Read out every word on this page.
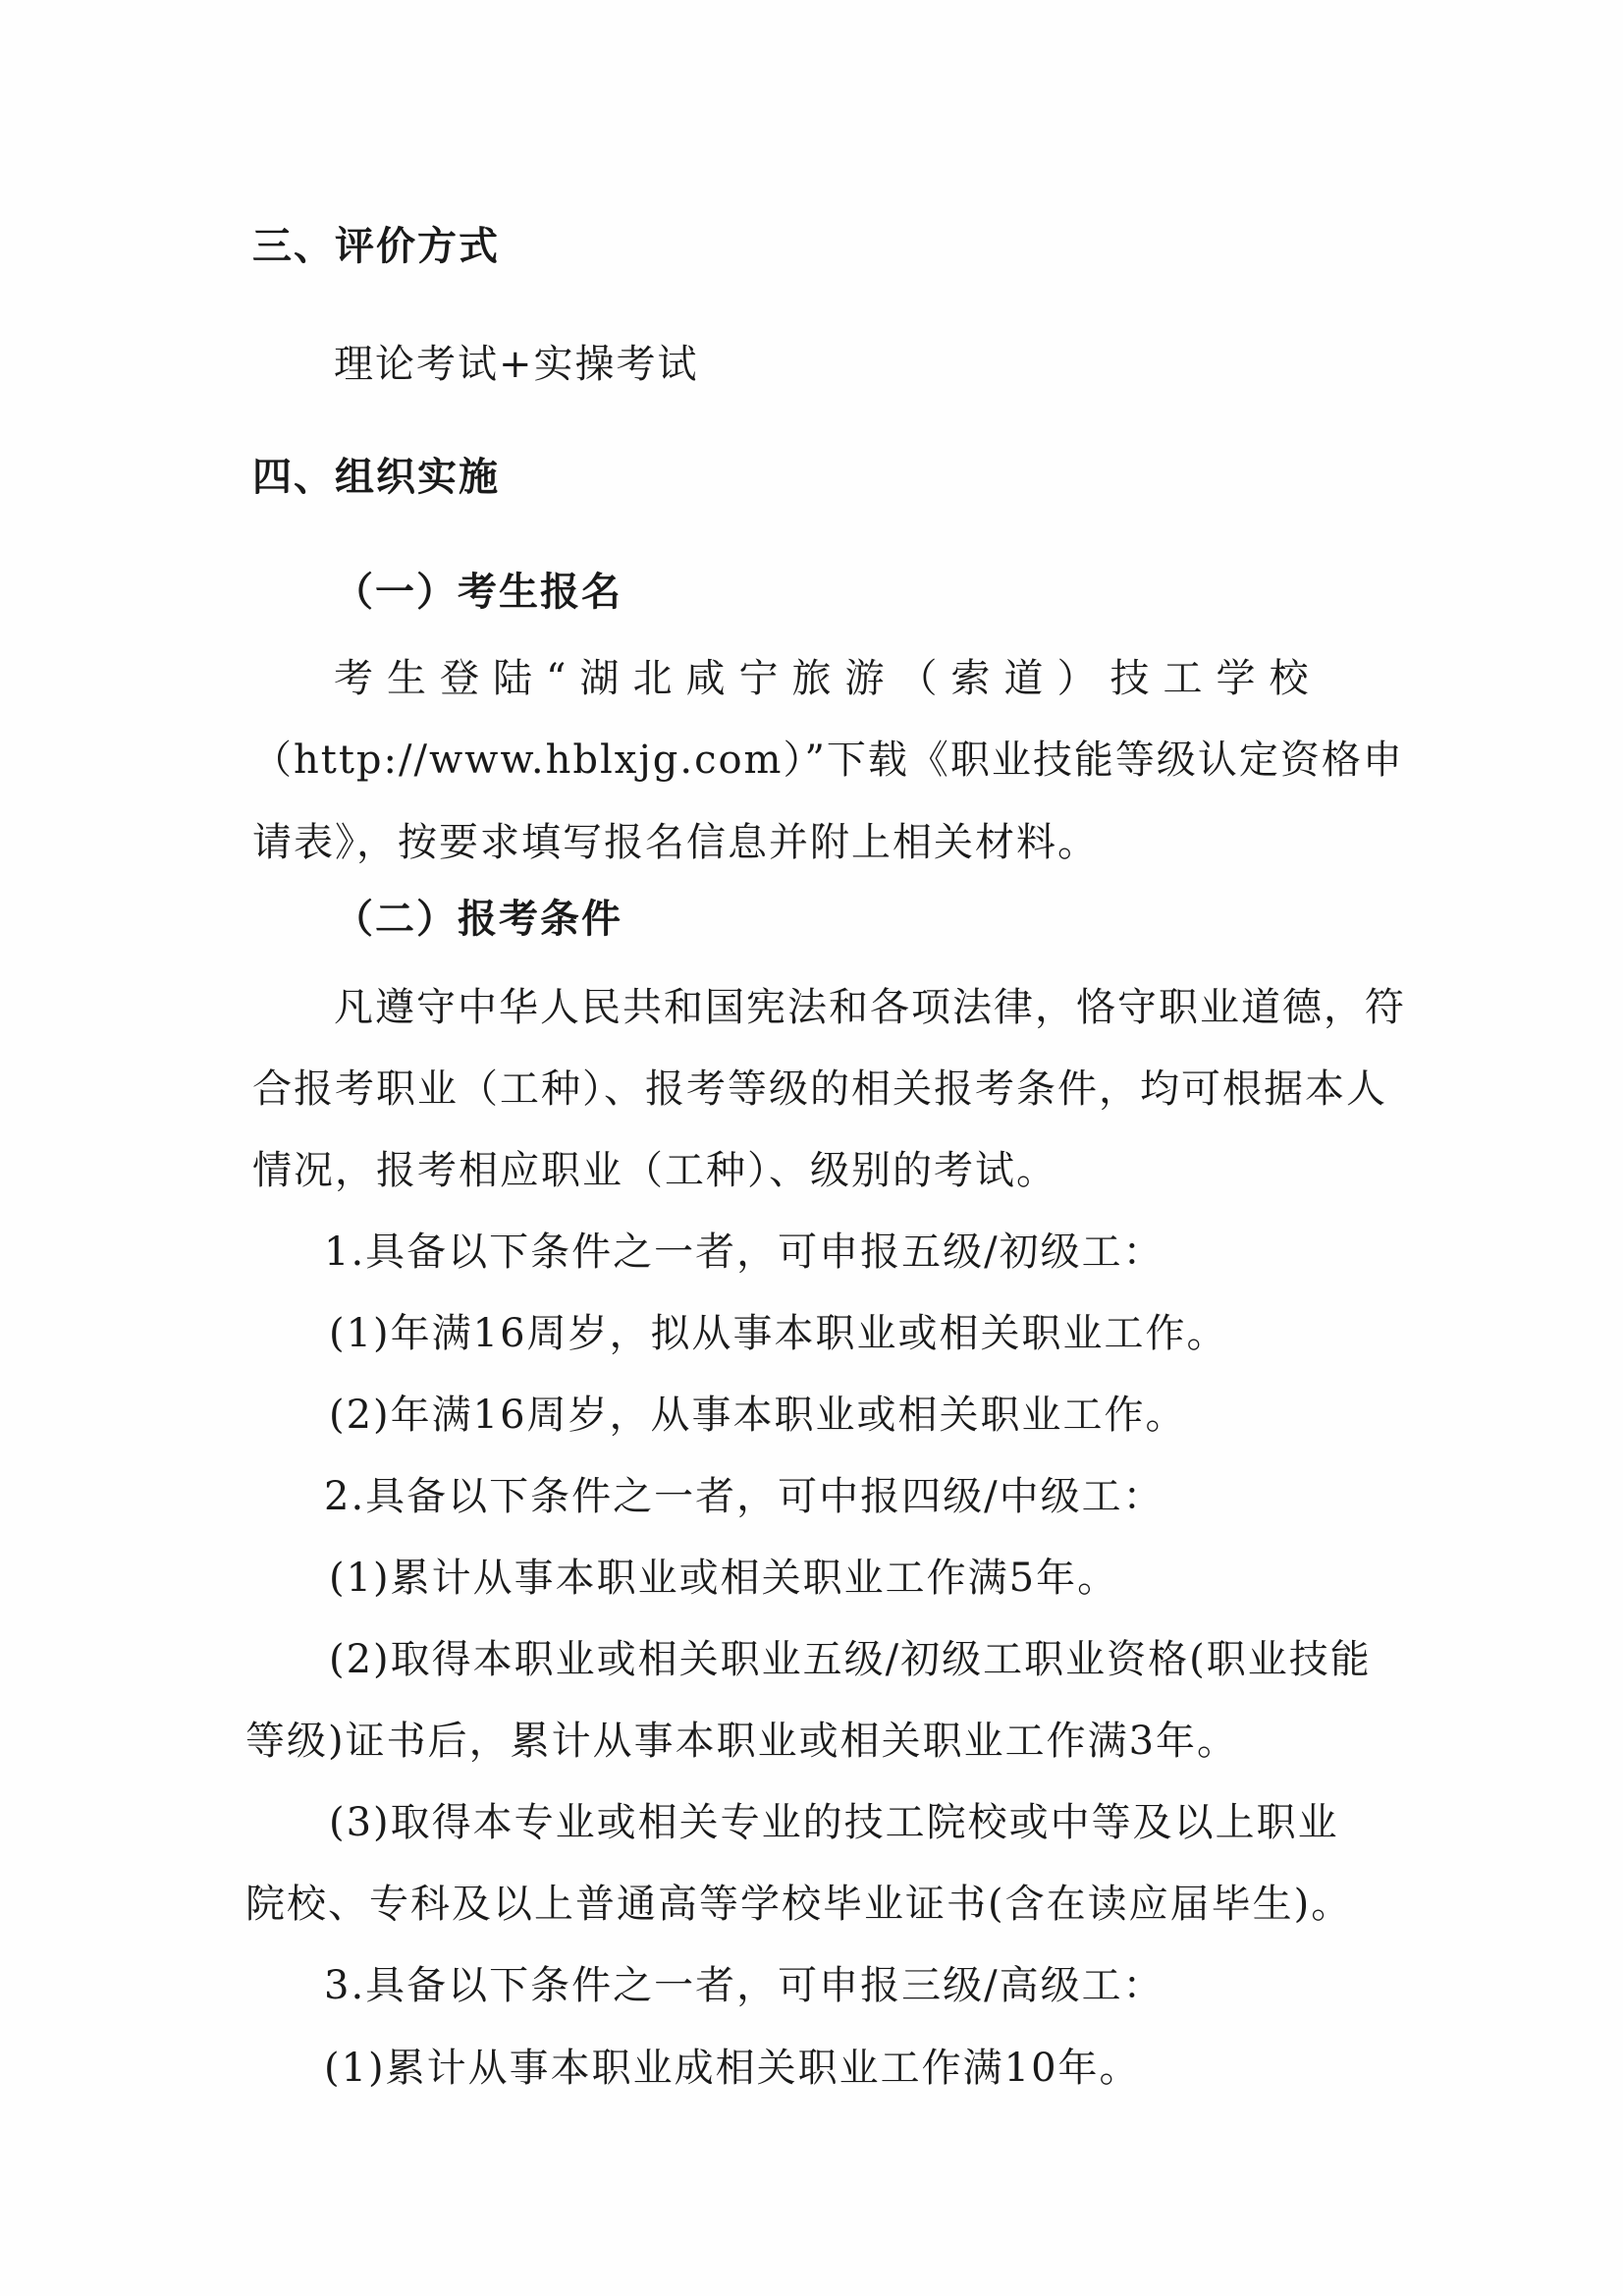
三、评价方式
理论考试+实操考试
四、组织实施
（一）考生报名
考生登陆“湖北咸宁旅游（索道）技工学校
（http://www.hblxjg.com）”下载《职业技能等级认定资格申
请表》，按要求填写报名信息并附上相关材料。
（二）报考条件
凡遵守中华人民共和国宪法和各项法律，恪守职业道德，符
合报考职业（工种）、报考等级的相关报考条件，均可根据本人
情况，报考相应职业（工种）、级别的考试。
1.具备以下条件之一者，可申报五级/初级工：
(1)年满16周岁，拟从事本职业或相关职业工作。
(2)年满16周岁，从事本职业或相关职业工作。
2.具备以下条件之一者，可中报四级/中级工：
(1)累计从事本职业或相关职业工作满5年。
(2)取得本职业或相关职业五级/初级工职业资格(职业技能
等级)证书后，累计从事本职业或相关职业工作满3年。
(3)取得本专业或相关专业的技工院校或中等及以上职业
院校、专科及以上普通高等学校毕业证书(含在读应届毕生)。
3.具备以下条件之一者，可申报三级/高级工：
(1)累计从事本职业成相关职业工作满10年。
